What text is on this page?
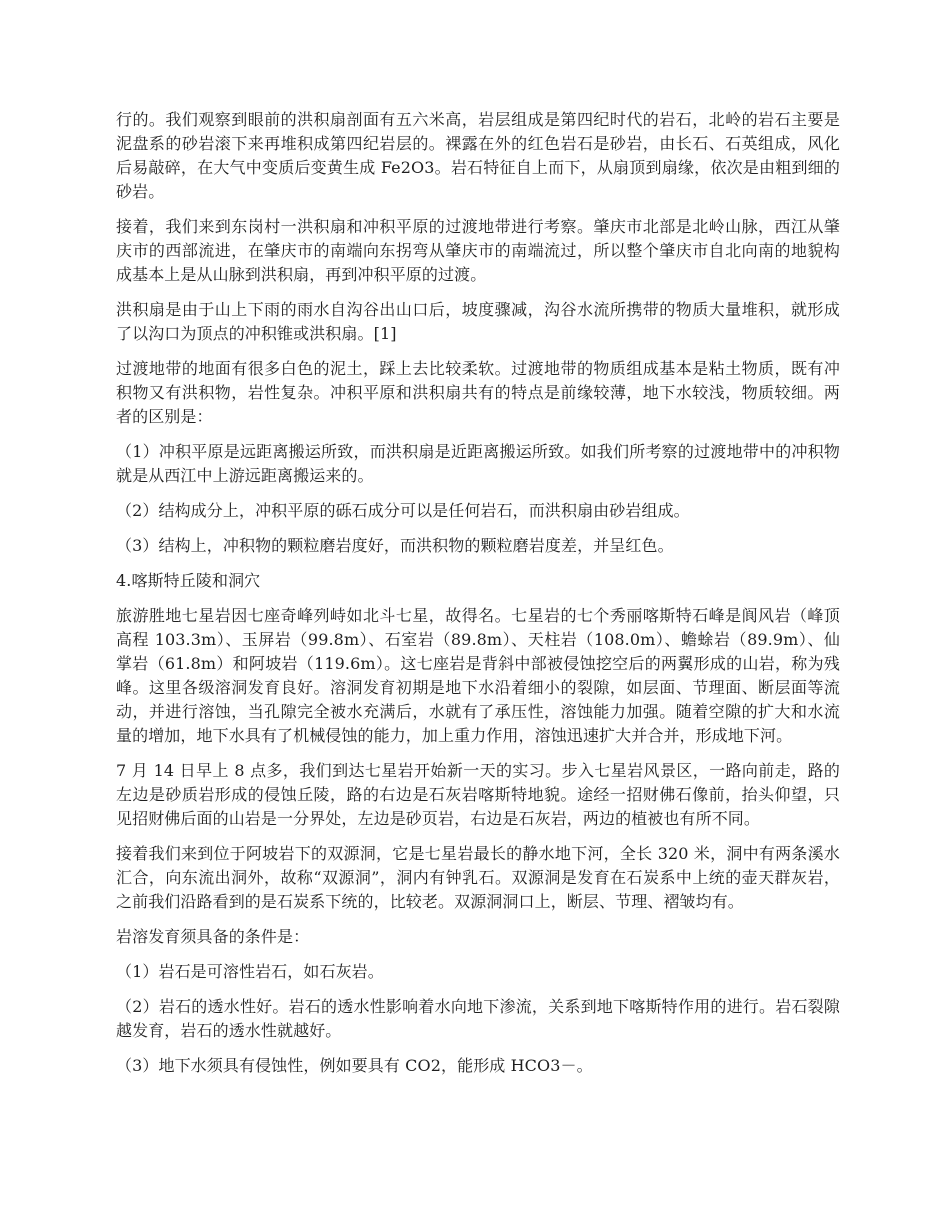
行的。我们观察到眼前的洪积扇剖面有五六米高，岩层组成是第四纪时代的岩石，北岭的岩石主要是泥盘系的砂岩滚下来再堆积成第四纪岩层的。裸露在外的红色岩石是砂岩，由长石、石英组成，风化后易敲碎，在大气中变质后变黄生成 Fe2O3。岩石特征自上而下，从扇顶到扇缘，依次是由粗到细的砂岩。

接着，我们来到东岗村一洪积扇和冲积平原的过渡地带进行考察。肇庆市北部是北岭山脉，西江从肇庆市的西部流进，在肇庆市的南端向东拐弯从肇庆市的南端流过，所以整个肇庆市自北向南的地貌构成基本上是从山脉到洪积扇，再到冲积平原的过渡。

洪积扇是由于山上下雨的雨水自沟谷出山口后，坡度骤减，沟谷水流所携带的物质大量堆积，就形成了以沟口为顶点的冲积锥或洪积扇。[1]

过渡地带的地面有很多白色的泥土，踩上去比较柔软。过渡地带的物质组成基本是粘土物质，既有冲积物又有洪积物，岩性复杂。冲积平原和洪积扇共有的特点是前缘较薄，地下水较浅，物质较细。两者的区别是：

（1）冲积平原是远距离搬运所致，而洪积扇是近距离搬运所致。如我们所考察的过渡地带中的冲积物就是从西江中上游远距离搬运来的。

（2）结构成分上，冲积平原的砾石成分可以是任何岩石，而洪积扇由砂岩组成。

（3）结构上，冲积物的颗粒磨岩度好，而洪积物的颗粒磨岩度差，并呈红色。

4.喀斯特丘陵和洞穴

旅游胜地七星岩因七座奇峰列峙如北斗七星，故得名。七星岩的七个秀丽喀斯特石峰是阆风岩（峰顶高程 103.3m）、玉屏岩（99.8m）、石室岩（89.8m）、天柱岩（108.0m）、蟾蜍岩（89.9m）、仙掌岩（61.8m）和阿坡岩（119.6m）。这七座岩是背斜中部被侵蚀挖空后的两翼形成的山岩，称为残峰。这里各级溶洞发育良好。溶洞发育初期是地下水沿着细小的裂隙，如层面、节理面、断层面等流动，并进行溶蚀，当孔隙完全被水充满后，水就有了承压性，溶蚀能力加强。随着空隙的扩大和水流量的增加，地下水具有了机械侵蚀的能力，加上重力作用，溶蚀迅速扩大并合并，形成地下河。

7 月 14 日早上 8 点多，我们到达七星岩开始新一天的实习。步入七星岩风景区，一路向前走，路的左边是砂质岩形成的侵蚀丘陵，路的右边是石灰岩喀斯特地貌。途经一招财佛石像前，抬头仰望，只见招财佛后面的山岩是一分界处，左边是砂页岩，右边是石灰岩，两边的植被也有所不同。

接着我们来到位于阿坡岩下的双源洞，它是七星岩最长的静水地下河，全长 320 米，洞中有两条溪水汇合，向东流出洞外，故称“双源洞”，洞内有钟乳石。双源洞是发育在石炭系中上统的壶天群灰岩，之前我们沿路看到的是石炭系下统的，比较老。双源洞洞口上，断层、节理、褶皱均有。

岩溶发育须具备的条件是：

（1）岩石是可溶性岩石，如石灰岩。

（2）岩石的透水性好。岩石的透水性影响着水向地下渗流，关系到地下喀斯特作用的进行。岩石裂隙越发育，岩石的透水性就越好。

（3）地下水须具有侵蚀性，例如要具有 CO2，能形成 HCO3－。
